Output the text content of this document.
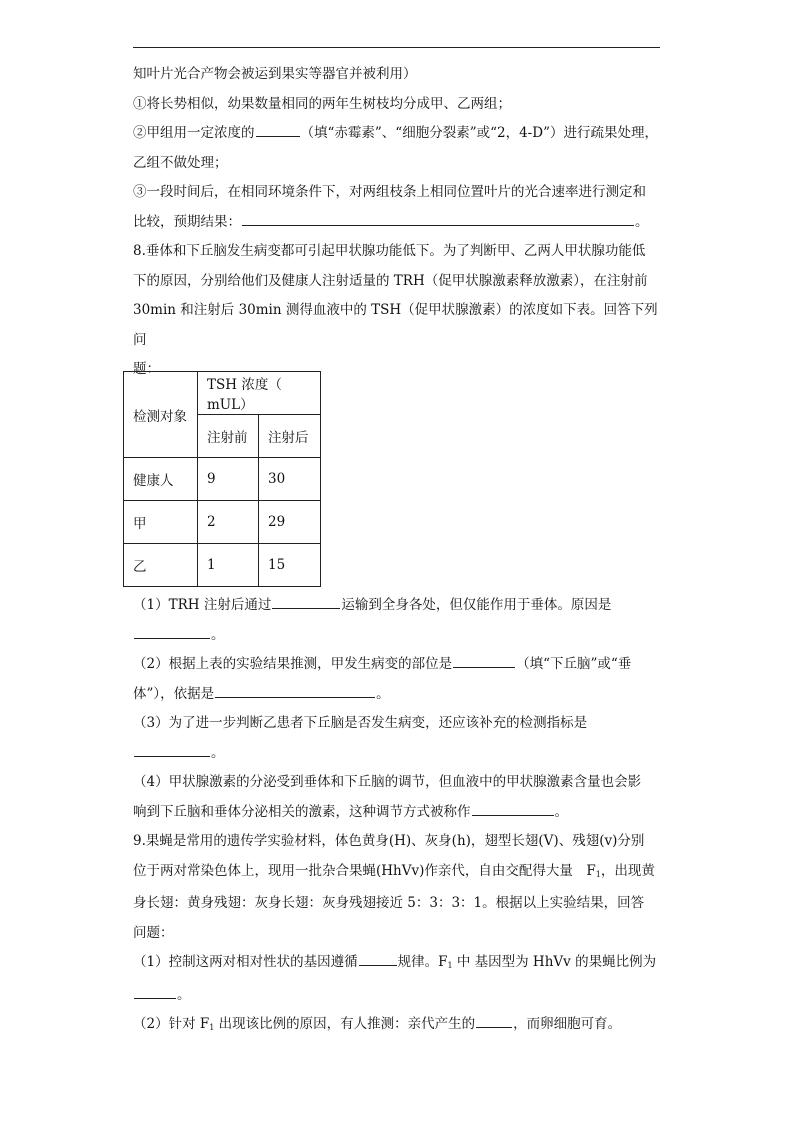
知叶片光合产物会被运到果实等器官并被利用）

①将长势相似，幼果数量相同的两年生树枝均分成甲、乙两组；

②甲组用一定浓度的	（填“赤霉素”、“细胞分裂素”或“2，4-D”）进行疏果处理，

乙组不做处理；

③一段时间后，在相同环境条件下，对两组枝条上相同位置叶片的光合速率进行测定和

比较，预期结果：	。

8.垂体和下丘脑发生病变都可引起甲状腺功能低下。为了判断甲、乙两人甲状腺功能低

下的原因，分别给他们及健康人注射适量的 TRH（促甲状腺激素释放激素），在注射前

30min 和注射后 30min 测得血液中的 TSH（促甲状腺激素）的浓度如下表。回答下列问

题：

检测对象	TSH 浓度（ mUL）	
	注射前	注射后
健康人	9	30
甲	2	29
乙	1	15

（1）TRH 注射后通过	运输到全身各处，但仅能作用于垂体。原因是

。

（2）根据上表的实验结果推测，甲发生病变的部位是	（填“下丘脑”或“垂

体”），依据是	。

（3）为了进一步判断乙患者下丘脑是否发生病变，还应该补充的检测指标是

。

（4）甲状腺激素的分泌受到垂体和下丘脑的调节，但血液中的甲状腺激素含量也会影

响到下丘脑和垂体分泌相关的激素，这种调节方式被称作	。

9.果蝇是常用的遗传学实验材料，体色黄身(H)、灰身(h)，翅型长翅(V)、残翅(v)分别

位于两对常染色体上，现用一批杂合果蝇(HhVv)作亲代，自由交配得大量　$F_1$，出现黄

身长翅：黄身残翅：灰身长翅：灰身残翅接近 5：3：3：1。根据以上实验结果，回答

问题：

（1）控制这两对相对性状的基因遵循	规律。$F_1$ 中 基因型为 HhVv 的果蝇比例为

。

（2）针对 $F_1$ 出现该比例的原因，有人推测：亲代产生的	，而卵细胞可育。
